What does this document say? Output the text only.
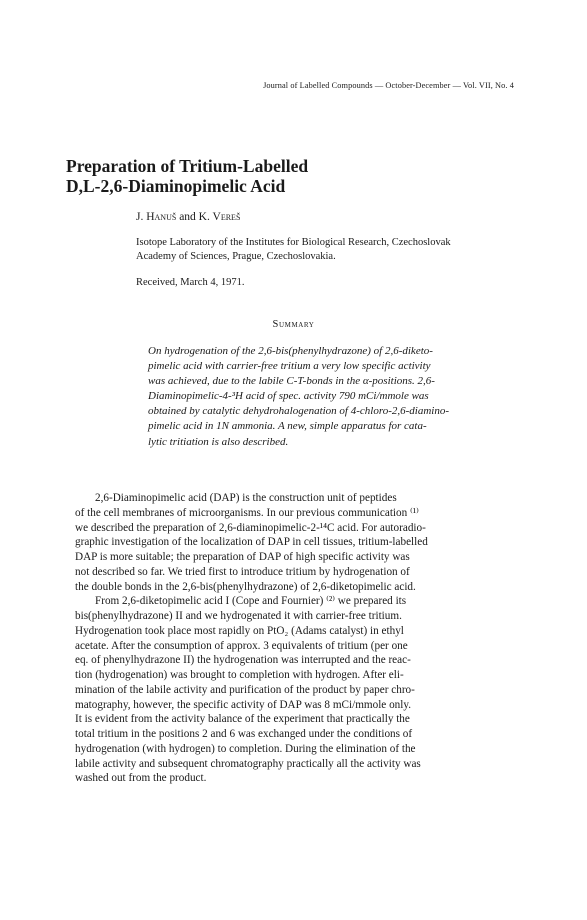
Journal of Labelled Compounds — October-December — Vol. VII, No. 4
Preparation of Tritium-Labelled
D,L-2,6-Diaminopimelic Acid
J. Hanuš and K. Vereš
Isotope Laboratory of the Institutes for Biological Research, Czechoslovak
Academy of Sciences, Prague, Czechoslovakia.
Received, March 4, 1971.
Summary
On hydrogenation of the 2,6-bis(phenylhydrazone) of 2,6-diketo-
pimelic acid with carrier-free tritium a very low specific activity
was achieved, due to the labile C-T-bonds in the α-positions. 2,6-
Diaminopimelic-4-³H acid of spec. activity 790 mCi/mmole was
obtained by catalytic dehydrohalogenation of 4-chloro-2,6-diamino-
pimelic acid in 1N ammonia. A new, simple apparatus for cata-
lytic tritiation is also described.
2,6-Diaminopimelic acid (DAP) is the construction unit of peptides
of the cell membranes of microorganisms. In our previous communication ⁽¹⁾
we described the preparation of 2,6-diaminopimelic-2-¹⁴C acid. For autoradio-
graphic investigation of the localization of DAP in cell tissues, tritium-labelled
DAP is more suitable; the preparation of DAP of high specific activity was
not described so far. We tried first to introduce tritium by hydrogenation of
the double bonds in the 2,6-bis(phenylhydrazone) of 2,6-diketopimelic acid.
From 2,6-diketopimelic acid I (Cope and Fournier) ⁽²⁾ we prepared its
bis(phenylhydrazone) II and we hydrogenated it with carrier-free tritium.
Hydrogenation took place most rapidly on PtO₂ (Adams catalyst) in ethyl
acetate. After the consumption of approx. 3 equivalents of tritium (per one
eq. of phenylhydrazone II) the hydrogenation was interrupted and the reac-
tion (hydrogenation) was brought to completion with hydrogen. After eli-
mination of the labile activity and purification of the product by paper chro-
matography, however, the specific activity of DAP was 8 mCi/mmole only.
It is evident from the activity balance of the experiment that practically the
total tritium in the positions 2 and 6 was exchanged under the conditions of
hydrogenation (with hydrogen) to completion. During the elimination of the
labile activity and subsequent chromatography practically all the activity was
washed out from the product.
